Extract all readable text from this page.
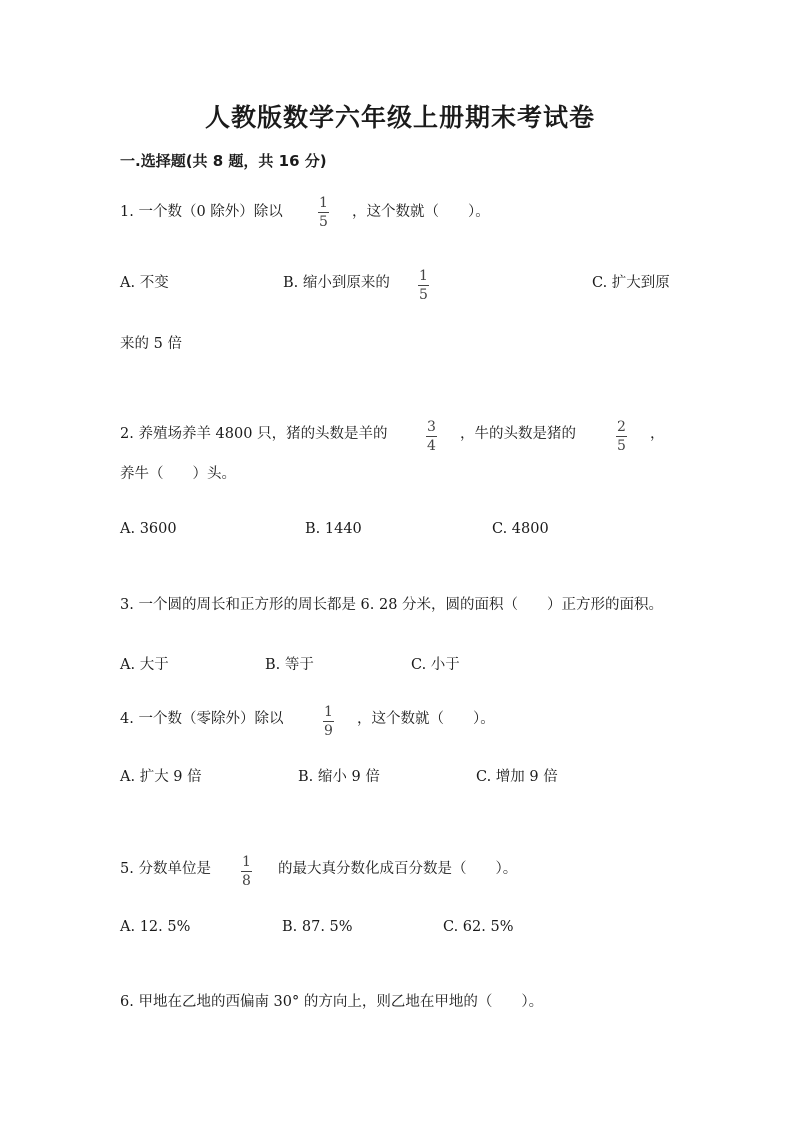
人教版数学六年级上册期末考试卷
一.选择题(共 8 题，共 16 分)
1. 一个数（0 除外）除以
1
5
，这个数就（　　）。
A. 不变	B. 缩小到原来的 1
5
C. 扩大到原
来的 5 倍
2. 养殖场养羊 4800 只，猪的头数是羊的	3
4
，牛的头数是猪的	2
5
，
养牛（　　）头。
A. 3600	B. 1440	C. 4800
3. 一个圆的周长和正方形的周长都是 6. 28 分米，圆的面积（　　）正方形的面积。
A. 大于	B. 等于	C. 小于
4. 一个数（零除外）除以	1
9
，这个数就（　　）。
A. 扩大 9 倍	B. 缩小 9 倍	C. 增加 9 倍
5. 分数单位是 1
8
的最大真分数化成百分数是（　　）。
A. 12. 5%	B. 87. 5%	C. 62. 5%
6. 甲地在乙地的西偏南 30° 的方向上，则乙地在甲地的（　　）。
